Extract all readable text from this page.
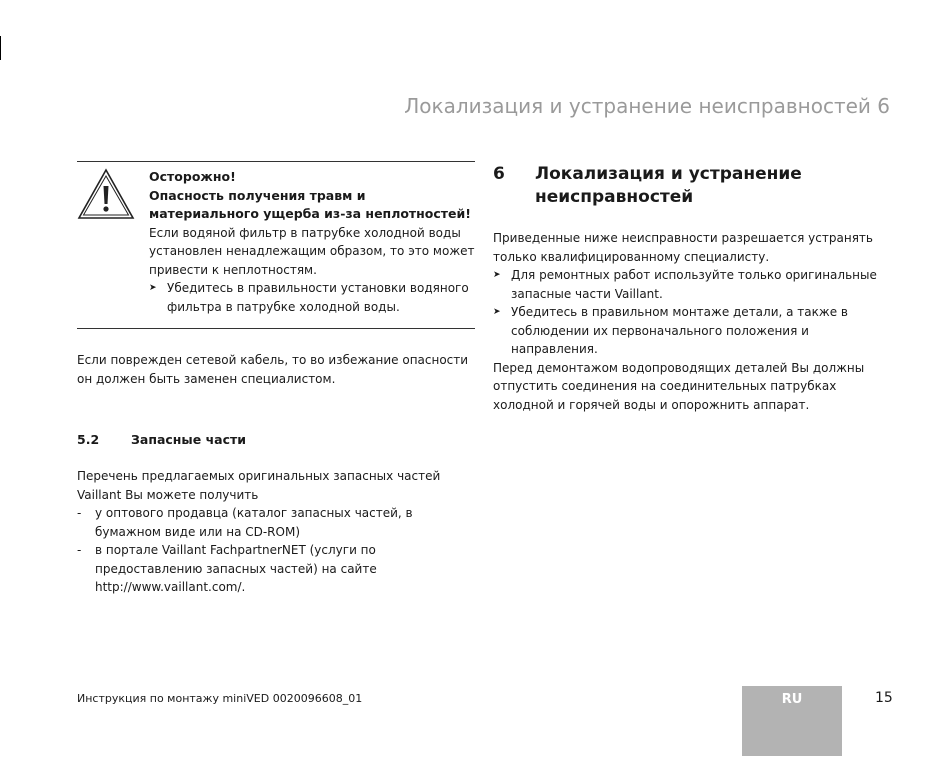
Локализация и устранение неисправностей 6
Осторожно!
Опасность получения травм и материального ущерба из-за неплотностей!
Если водяной фильтр в патрубке холодной воды установлен ненадлежащим образом, то это может привести к неплотностям.
➤ Убедитесь в правильности установки водяного фильтра в патрубке холодной воды.
Если поврежден сетевой кабель, то во избежание опасности он должен быть заменен специалистом.
5.2	Запасные части
Перечень предлагаемых оригинальных запасных частей Vaillant Вы можете получить
- у оптового продавца (каталог запасных частей, в бумажном виде или на CD-ROM)
- в портале Vaillant FachpartnerNET (услуги по предоставлению запасных частей) на сайте http://www.vaillant.com/.
6	Локализация и устранение неисправностей
Приведенные ниже неисправности разрешается устранять только квалифицированному специалисту.
➤ Для ремонтных работ используйте только оригинальные запасные части Vaillant.
➤ Убедитесь в правильном монтаже детали, а также в соблюдении их первоначального положения и направления.
Перед демонтажом водопроводящих деталей Вы должны отпустить соединения на соединительных патрубках холодной и горячей воды и опорожнить аппарат.
Инструкция по монтажу miniVED 0020096608_01	RU	15
